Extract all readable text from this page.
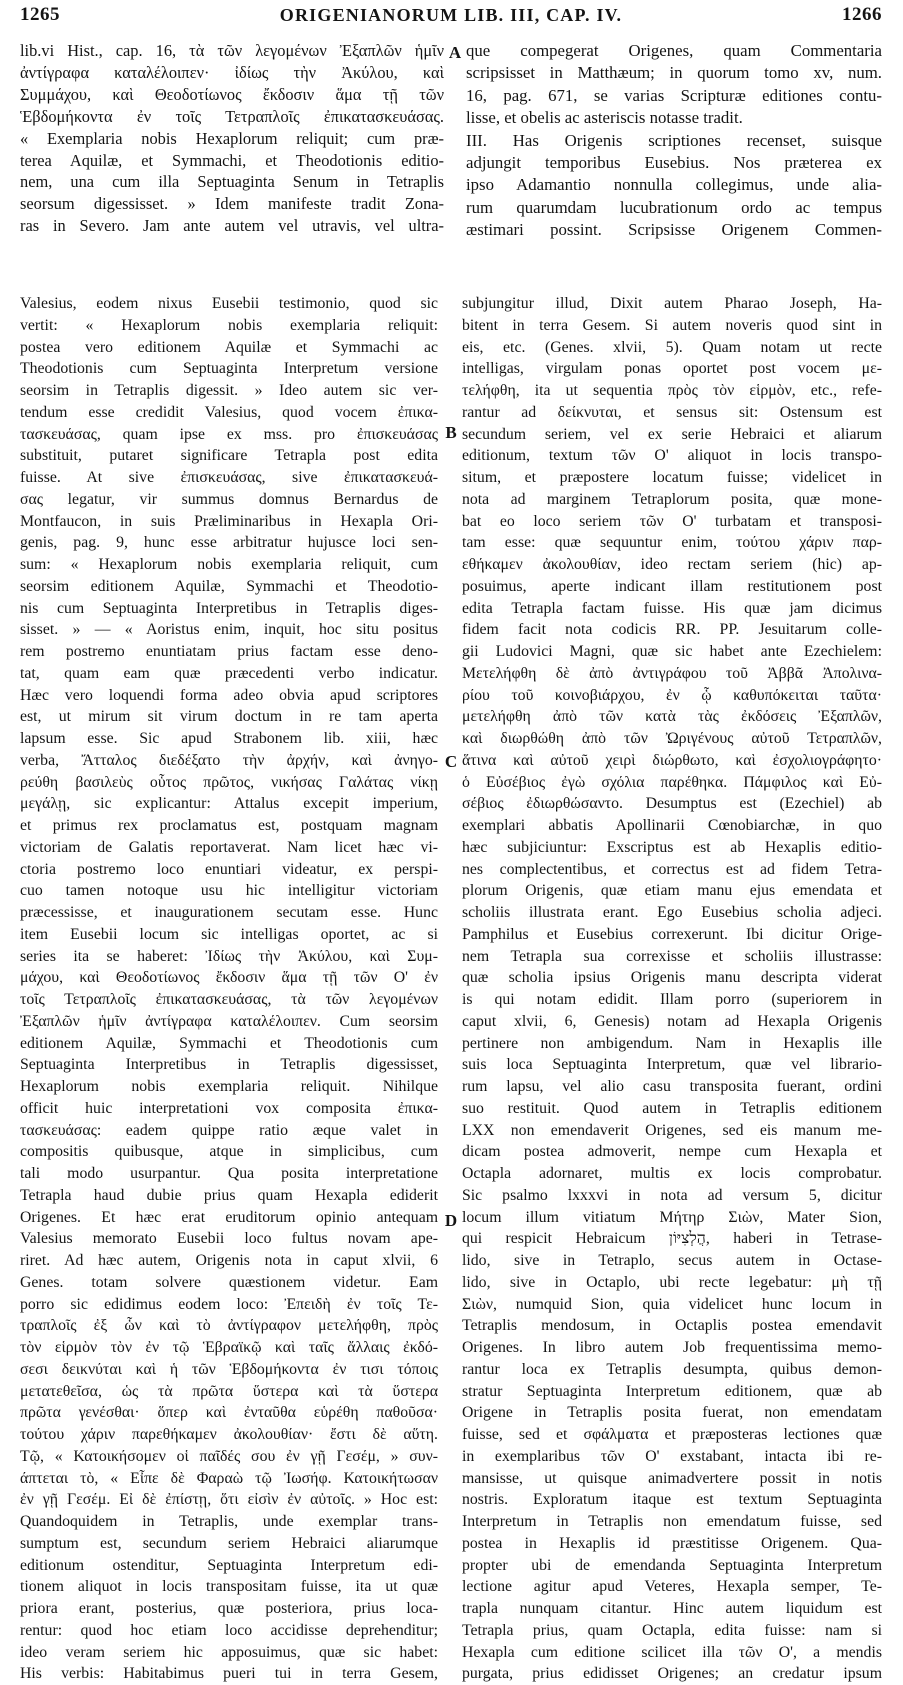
1265	ORIGENIANORUM LIB. III, CAP. IV.	1266
lib.vi Hist., cap. 16, τὰ τῶν λεγομένων Ἐξαπλῶν ἡμῖν
ἀντίγραφα καταλέλοιπεν· ἰδίως τὴν Ἀκύλου, καὶ
Συμμάχου, καὶ Θεοδοτίωνος ἔκδοσιν ἅμα τῇ τῶν
Ἑβδομήκοντα ἐν τοῖς Τετραπλοῖς ἐπικατασκευάσας.
« Exemplaria nobis Hexaplorum reliquit; cum præ-
terea Aquilæ, et Symmachi, et Theodotionis editio-
nem, una cum illa Septuaginta Senum in Tetraplis
seorsum digessisset. » Idem manifeste tradit Zona-
ras in Severo. Jam ante autem vel utravis, vel ultra-
que compegerat Origenes, quam Commentaria
scripsisset in Matthæum; in quorum tomo xv, num.
16, pag. 671, se varias Scripturæ editiones contu-
lisse, et obelis ac asteriscis notasse tradit.
III. Has Origenis scriptiones recenset, suisque
adjungit temporibus Eusebius. Nos præterea ex
ipso Adamantio nonnulla collegimus, unde alia-
rum quarumdam lucubrationum ordo ac tempus
æstimari possint. Scripsisse Origenem Commen-
Valesius, eodem nixus Eusebii testimonio, quod sic
vertit: « Hexaplorum nobis exemplaria reliquit:
postea vero editionem Aquilæ et Symmachi ac
Theodotionis cum Septuaginta Interpretum versione
seorsim in Tetraplis digessit. » Ideo autem sic ver-
tendum esse credidit Valesius, quod vocem ἐπικα-
τασκευάσας, quam ipse ex mss. pro ἐπισκευάσας
substituit, putaret significare Tetrapla post edita
fuisse. At sive ἐπισκευάσας, sive ἐπικατασκευά-
σας legatur, vir summus domnus Bernardus de
Montfaucon, in suis Præliminaribus in Hexapla Ori-
genis, pag. 9, hunc esse arbitratur hujusce loci sen-
sum: « Hexaplorum nobis exemplaria reliquit, cum
seorsim editionem Aquilæ, Symmachi et Theodotio-
nis cum Septuaginta Interpretibus in Tetraplis diges-
sisset. » — « Aoristus enim, inquit, hoc situ positus
rem postremo enuntiatam prius factam esse deno-
tat, quam eam quæ præcedenti verbo indicatur.
Hæc vero loquendi forma adeo obvia apud scriptores
est, ut mirum sit virum doctum in re tam aperta
lapsum esse. Sic apud Strabonem lib. xiii, hæc
verba, Ἄτταλος διεδέξατο τὴν ἀρχήν, καὶ ἀνηγο-
ρεύθη βασιλεὺς οὗτος πρῶτος, νικήσας Γαλάτας νίκῃ
μεγάλῃ, sic explicantur: Attalus excepit imperium,
et primus rex proclamatus est, postquam magnam
victoriam de Galatis reportaverat. Nam licet hæc vi-
ctoria postremo loco enuntiari videatur, ex perspi-
cuo tamen notoque usu hic intelligitur victoriam
præcessisse, et inaugurationem secutam esse. Hunc
item Eusebii locum sic intelligas oportet, ac si
series ita se haberet: Ἰδίως τὴν Ἀκύλου, καὶ Συμ-
μάχου, καὶ Θεοδοτίωνος ἔκδοσιν ἅμα τῇ τῶν Ο' ἐν
τοῖς Τετραπλοῖς ἐπικατασκευάσας, τὰ τῶν λεγομένων
Ἐξαπλῶν ἡμῖν ἀντίγραφα καταλέλοιπεν. Cum seorsim
editionem Aquilæ, Symmachi et Theodotionis cum
Septuaginta Interpretibus in Tetraplis digessisset,
Hexaplorum nobis exemplaria reliquit. Nihilque
officit huic interpretationi vox composita ἐπικα-
τασκευάσας: eadem quippe ratio æque valet in
compositis quibusque, atque in simplicibus, cum
tali modo usurpantur. Qua posita interpretatione
Tetrapla haud dubie prius quam Hexapla ediderit
Origenes. Et hæc erat eruditorum opinio antequam
Valesius memorato Eusebii loco fultus novam ape-
riret. Ad hæc autem, Origenis nota in caput xlvii, 6
Genes. totam solvere quæstionem videtur. Eam
porro sic edidimus eodem loco: Ἐπειδὴ ἐν τοῖς Τε-
τραπλοῖς ἐξ ὧν καὶ τὸ ἀντίγραφον μετελήφθη, πρὸς
τὸν εἱρμὸν τὸν ἐν τῷ Ἑβραϊκῷ καὶ ταῖς ἄλλαις ἐκδό-
σεσι δεικνύται καὶ ἡ τῶν Ἑβδομήκοντα ἐν τισι τόποις
μετατεθεῖσα, ὡς τὰ πρῶτα ὕστερα καὶ τὰ ὕστερα
πρῶτα γενέσθαι· ὅπερ καὶ ἐνταῦθα εὑρέθη παθοῦσα·
τούτου χάριν παρεθήκαμεν ἀκολουθίαν· ἔστι δὲ αὕτη.
Τῷ, « Κατοικήσομεν οἱ παῖδές σου ἐν γῇ Γεσέμ, » συν-
άπτεται τὸ, « Εἶπε δὲ Φαραὼ τῷ Ἰωσήφ. Κατοικήτωσαν
ἐν γῇ Γεσέμ. Εἰ δὲ ἐπίστῃ, ὅτι εἰσὶν ἐν αὐτοῖς. » Hoc est:
Quandoquidem in Tetraplis, unde exemplar trans-
sumptum est, secundum seriem Hebraici aliarumque
editionum ostenditur, Septuaginta Interpretum edi-
tionem aliquot in locis transpositam fuisse, ita ut quæ
priora erant, posterius, quæ posteriora, prius loca-
rentur: quod hoc etiam loco accidisse deprehenditur;
ideo veram seriem hic apposuimus, quæ sic habet:
His verbis: Habitabimus pueri tui in terra Gesem,
subjungitur illud, Dixit autem Pharao Joseph, Ha-
bitent in terra Gesem. Si autem noveris quod sint in
eis, etc. (Genes. xlvii, 5). Quam notam ut recte
intelligas, virgulam ponas oportet post vocem με-
τελήφθη, ita ut sequentia πρὸς τὸν εἱρμὸν, etc., refe-
rantur ad δείκνυται, et sensus sit: Ostensum est
secundum seriem, vel ex serie Hebraici et aliarum
editionum, textum τῶν Ο' aliquot in locis transpo-
situm, et præpostere locatum fuisse; videlicet in
nota ad marginem Tetraplorum posita, quæ mone-
bat eo loco seriem τῶν Ο' turbatam et transposi-
tam esse: quæ sequuntur enim, τούτου χάριν παρ-
εθήκαμεν ἀκολουθίαν, ideo rectam seriem (hic) ap-
posuimus, aperte indicant illam restitutionem post
edita Tetrapla factam fuisse. His quæ jam dicimus
fidem facit nota codicis RR. PP. Jesuitarum colle-
gii Ludovici Magni, quæ sic habet ante Ezechielem:
Μετελήφθη δὲ ἀπὸ ἀντιγράφου τοῦ Ἀββᾶ Ἀπολινα-
ρίου τοῦ κοινοβιάρχου, ἐν ᾧ καθυπόκειται ταῦτα·
μετελήφθη ἀπὸ τῶν κατὰ τὰς ἐκδόσεις Ἐξαπλῶν,
καὶ διωρθώθη ἀπὸ τῶν Ὠριγένους αὐτοῦ Τετραπλῶν,
ἅτινα καὶ αὐτοῦ χειρὶ διώρθωτο, καὶ ἐσχολιογράφητο·
ὁ Εὐσέβιος ἐγὼ σχόλια παρέθηκα. Πάμφιλος καὶ Εὐ-
σέβιος ἐδιωρθώσαντο. Desumptus est (Ezechiel) ab
exemplari abbatis Apollinarii Cœnobiarchæ, in quo
hæc subjiciuntur: Exscriptus est ab Hexaplis editio-
nes complectentibus, et correctus est ad fidem Tetra-
plorum Origenis, quæ etiam manu ejus emendata et
scholiis illustrata erant. Ego Eusebius scholia adjeci.
Pamphilus et Eusebius correxerunt. Ibi dicitur Orige-
nem Tetrapla sua correxisse et scholiis illustrasse:
quæ scholia ipsius Origenis manu descripta viderat
is qui notam edidit. Illam porro (superiorem in
caput xlvii, 6, Genesis) notam ad Hexapla Origenis
pertinere non ambigendum. Nam in Hexaplis ille
suis loca Septuaginta Interpretum, quæ vel librario-
rum lapsu, vel alio casu transposita fuerant, ordini
suo restituit. Quod autem in Tetraplis editionem
LXX non emendaverit Origenes, sed eis manum me-
dicam postea admoverit, nempe cum Hexapla et
Octapla adornaret, multis ex locis comprobatur.
Sic psalmo lxxxvi in nota ad versum 5, dicitur
locum illum vitiatum Μήτηρ Σιὼν, Mater Sion,
qui respicit Hebraicum הֲלְצִיּוֹן, haberi in Tetrase-
lido, sive in Tetraplo, secus autem in Octase-
lido, sive in Octaplo, ubi recte legebatur: μὴ τῇ
Σιὼν, numquid Sion, quia videlicet hunc locum in
Tetraplis mendosum, in Octaplis postea emendavit
Origenes. In libro autem Job frequentissima memo-
rantur loca ex Tetraplis desumpta, quibus demon-
stratur Septuaginta Interpretum editionem, quæ ab
Origene in Tetraplis posita fuerat, non emendatam
fuisse, sed et σφάλματα et præposteras lectiones quæ
in exemplaribus τῶν Ο' exstabant, intacta ibi re-
mansisse, ut quisque animadvertere possit in notis
nostris. Exploratum itaque est textum Septuaginta
Interpretum in Tetraplis non emendatum fuisse, sed
postea in Hexaplis id præstitisse Origenem. Qua-
propter ubi de emendanda Septuaginta Interpretum
lectione agitur apud Veteres, Hexapla semper, Te-
trapla nunquam citantur. Hinc autem liquidum est
Tetrapla prius, quam Octapla, edita fuisse: nam si
Hexapla cum editione scilicet illa τῶν Ο', a mendis
purgata, prius edidisset Origenes; an credatur ipsum
A
B
C
D
